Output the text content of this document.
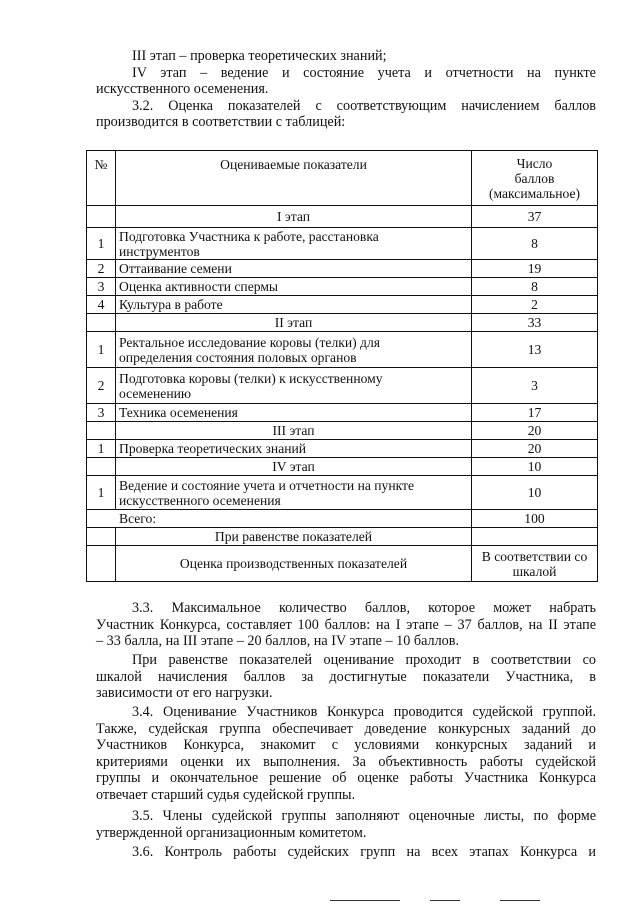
III этап – проверка теоретических знаний;
IV этап – ведение и состояние учета и отчетности на пункте
искусственного осеменения.
3.2. Оценка показателей с соответствующим начислением баллов
производится в соответствии с таблицей:
№	Оцениваемые показатели	Число
баллов
(максимальное)
	I этап	37
1	Подготовка Участника к работе, расстановка
инструментов	8
2	Оттаивание семени	19
3	Оценка активности спермы	8
4	Культура в работе	2
	II этап	33
1	Ректальное исследование коровы (телки) для
определения состояния половых органов	13
2	Подготовка коровы (телки) к искусственному
осеменению	3
3	Техника осеменения	17
	III этап	20
1	Проверка теоретических знаний	20
	IV этап	10
1	Ведение и состояние учета и отчетности на пункте
искусственного осеменения	10
Всего:		100
	При равенстве показателей	
	Оценка производственных показателей	В соответствии со
шкалой
3.3. Максимальное количество баллов, которое может набрать
Участник Конкурса, составляет 100 баллов: на I этапе – 37 баллов, на II этапе
– 33 балла, на III этапе – 20 баллов, на IV этапе – 10 баллов.
При равенстве показателей оценивание проходит в соответствии со
шкалой начисления баллов за достигнутые показатели Участника, в
зависимости от его нагрузки.
3.4. Оценивание Участников Конкурса проводится судейской группой.
Также, судейская группа обеспечивает доведение конкурсных заданий до
Участников Конкурса, знакомит с условиями конкурсных заданий и
критериями оценки их выполнения. За объективность работы судейской
группы и окончательное решение об оценке работы Участника Конкурса
отвечает старший судья судейской группы.
3.5. Члены судейской группы заполняют оценочные листы, по форме
утвержденной организационным комитетом.
3.6. Контроль работы судейских групп на всех этапах Конкурса и
